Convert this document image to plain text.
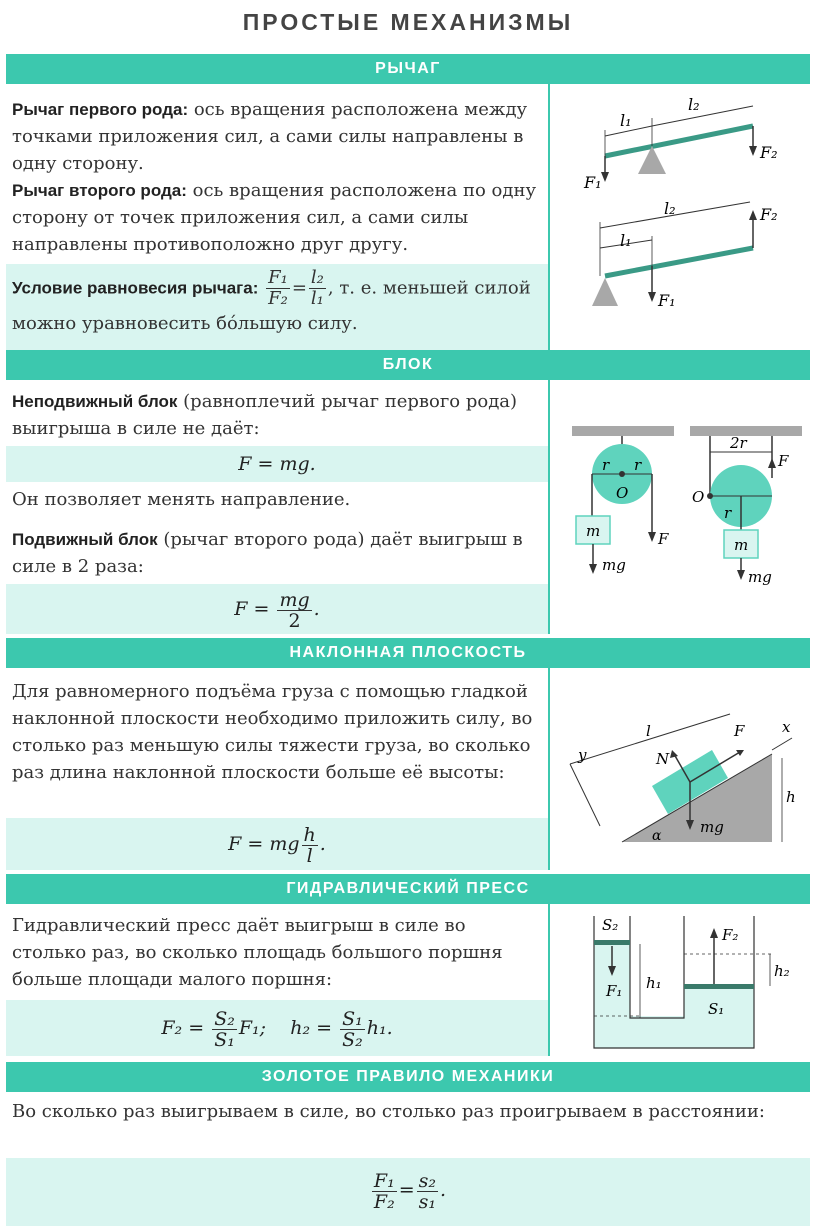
ПРОСТЫЕ МЕХАНИЗМЫ
РЫЧАГ

Рычаг первого рода: ось вращения расположена между точками приложения сил, а сами силы направлены в одну сторону.

Рычаг второго рода: ось вращения расположена по одну сторону от точек приложения сил, а сами силы направлены противоположно друг другу.

Условие равновесия рычага: $\frac{\text{F₁}}{\text{F₂}} = \frac{\text{l₂}}{\text{l₁}}$ , т. е. меньшей силой можно уравновесить бо́льшую силу.

l₁
l₂
F₁
F₂
l₁
l₂
F₁
F₂
БЛОК

Неподвижный блок (равноплечий рычаг первого рода) выигрыша в силе не даёт:

F = mg.

Он позволяет менять направление.

Подвижный блок (рычаг второго рода) даёт выигрыш в силе в 2 раза:

$F = \frac{mg}{2}$ .
r r
O
m	F
mg
2r
F
O
r
m
mg
НАКЛОННАЯ ПЛОСКОСТЬ

Для равномерного подъёма груза с помощью гладкой наклонной плоскости необходимо приложить силу, во столько раз меньшую силы тяжести груза, во сколько раз длина наклонной плоскости больше её высоты:

F = mg $\frac{h}{l}$ .
l	F
N
mg
h
α
x
y
ГИДРАВЛИЧЕСКИЙ ПРЕСС

Гидравлический пресс даёт выигрыш в силе во столько раз, во сколько площадь большого поршня больше площади малого поршня:

$F_2 = \frac{\text{S₂}}{\text{S₁}} F_1$; $h_2 = \frac{\text{S₁}}{\text{S₂}} h_1$.
S₂
F₁ h₁
F₂
h₂
S₁
ЗОЛОТОЕ ПРАВИЛО МЕХАНИКИ

Во сколько раз выигрываем в силе, во столько раз проигрываем в расстоянии:

$\frac{\text{F₁}}{\text{F₂}} = \frac{\text{s₂}}{\text{s₁}}$ .
